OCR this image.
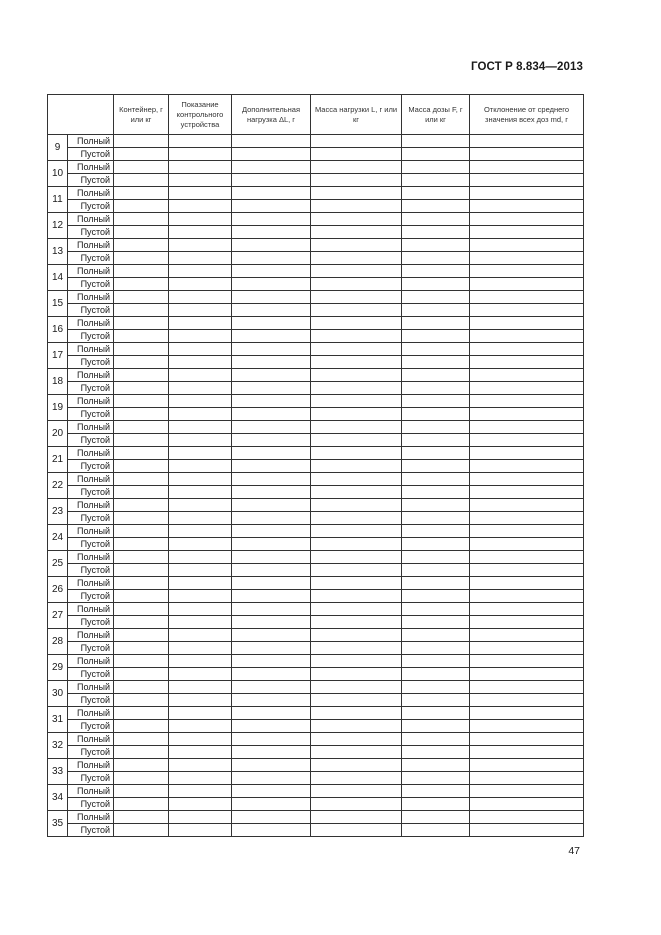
ГОСТ Р 8.834—2013
		Контейнер, г или кг	Показание контрольного устройства	Дополнительная нагрузка ΔL, г	Масса нагрузки L, г или кг	Масса дозы F, г или кг	Отклонение от среднего значения всех доз md, г
9	Полный						
	Пустой						
10	Полный						
	Пустой						
11	Полный						
	Пустой						
12	Полный						
	Пустой						
13	Полный						
	Пустой						
14	Полный						
	Пустой						
15	Полный						
	Пустой						
16	Полный						
	Пустой						
17	Полный						
	Пустой						
18	Полный						
	Пустой						
19	Полный						
	Пустой						
20	Полный						
	Пустой						
21	Полный						
	Пустой						
22	Полный						
	Пустой						
23	Полный						
	Пустой						
24	Полный						
	Пустой						
25	Полный						
	Пустой						
26	Полный						
	Пустой						
27	Полный						
	Пустой						
28	Полный						
	Пустой						
29	Полный						
	Пустой						
30	Полный						
	Пустой						
31	Полный						
	Пустой						
32	Полный						
	Пустой						
33	Полный						
	Пустой						
34	Полный						
	Пустой						
35	Полный						
	Пустой						
47
